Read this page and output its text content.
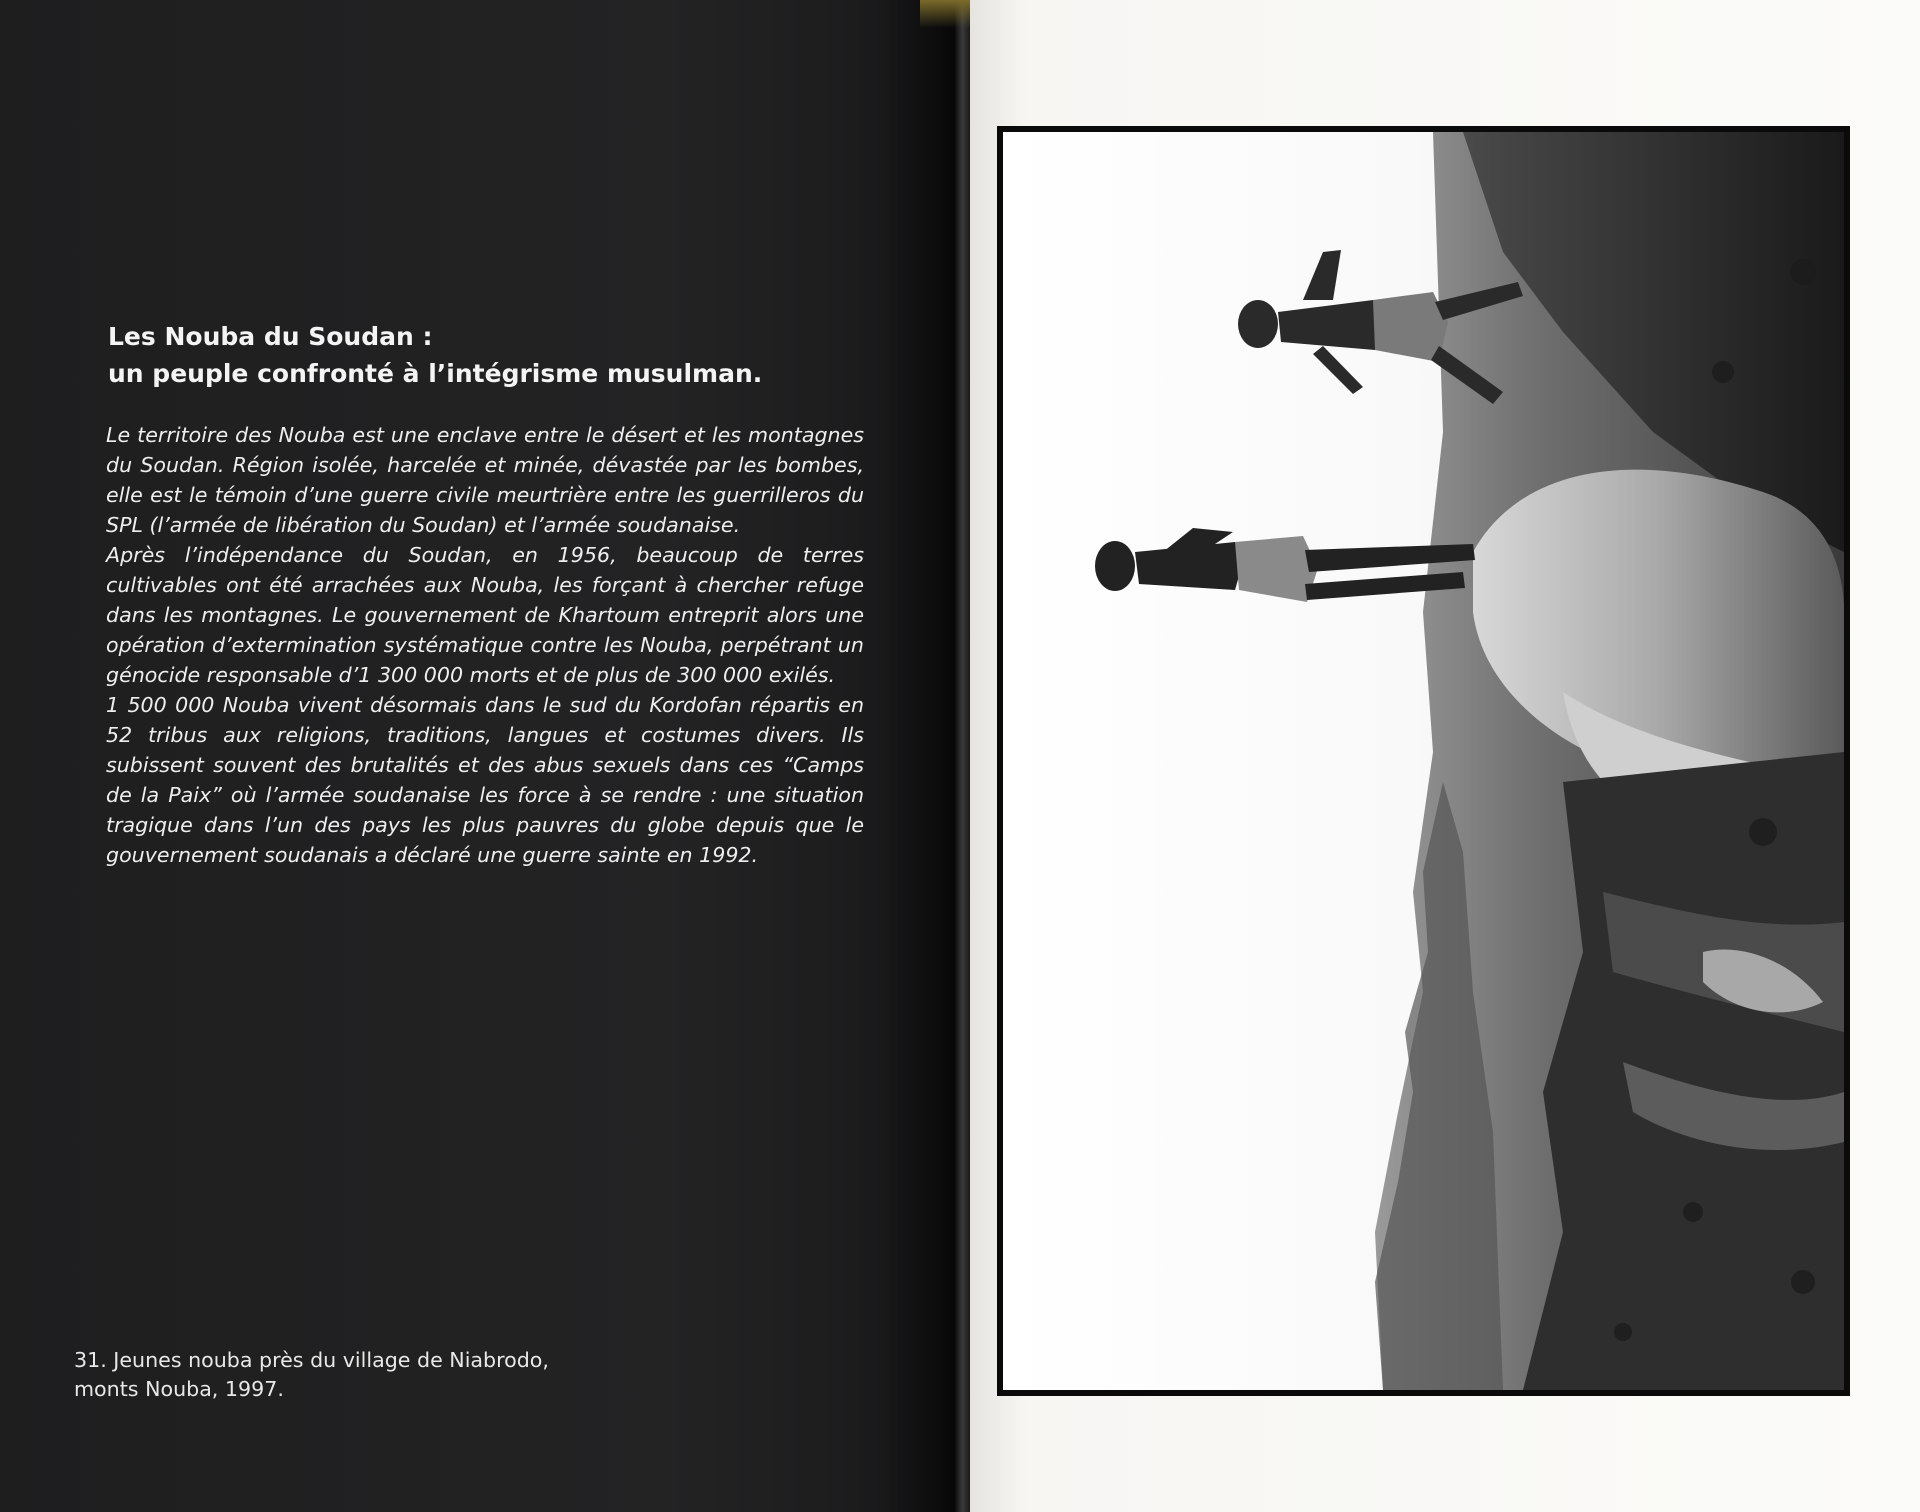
Les Nouba du Soudan :
un peuple confronté à l’intégrisme musulman.

Le territoire des Nouba est une enclave entre le désert et les montagnes du Soudan. Région isolée, harcelée et minée, dévastée par les bombes, elle est le témoin d’une guerre civile meurtrière entre les guerrilleros du SPL (l’armée de libération du Soudan) et l’armée soudanaise.

Après l’indépendance du Soudan, en 1956, beaucoup de terres cultivables ont été arrachées aux Nouba, les forçant à chercher refuge dans les montagnes. Le gouvernement de Khartoum entreprit alors une opération d’extermination systématique contre les Nouba, perpétrant un génocide responsable d’1 300 000 morts et de plus de 300 000 exilés.

1 500 000 Nouba vivent désormais dans le sud du Kordofan répartis en 52 tribus aux religions, traditions, langues et costumes divers. Ils subissent souvent des brutalités et des abus sexuels dans ces “Camps de la Paix” où l’armée soudanaise les force à se rendre : une situation tragique dans l’un des pays les plus pauvres du globe depuis que le gouvernement soudanais a déclaré une guerre sainte en 1992.

31. Jeunes nouba près du village de Niabrodo,
monts Nouba, 1997.
